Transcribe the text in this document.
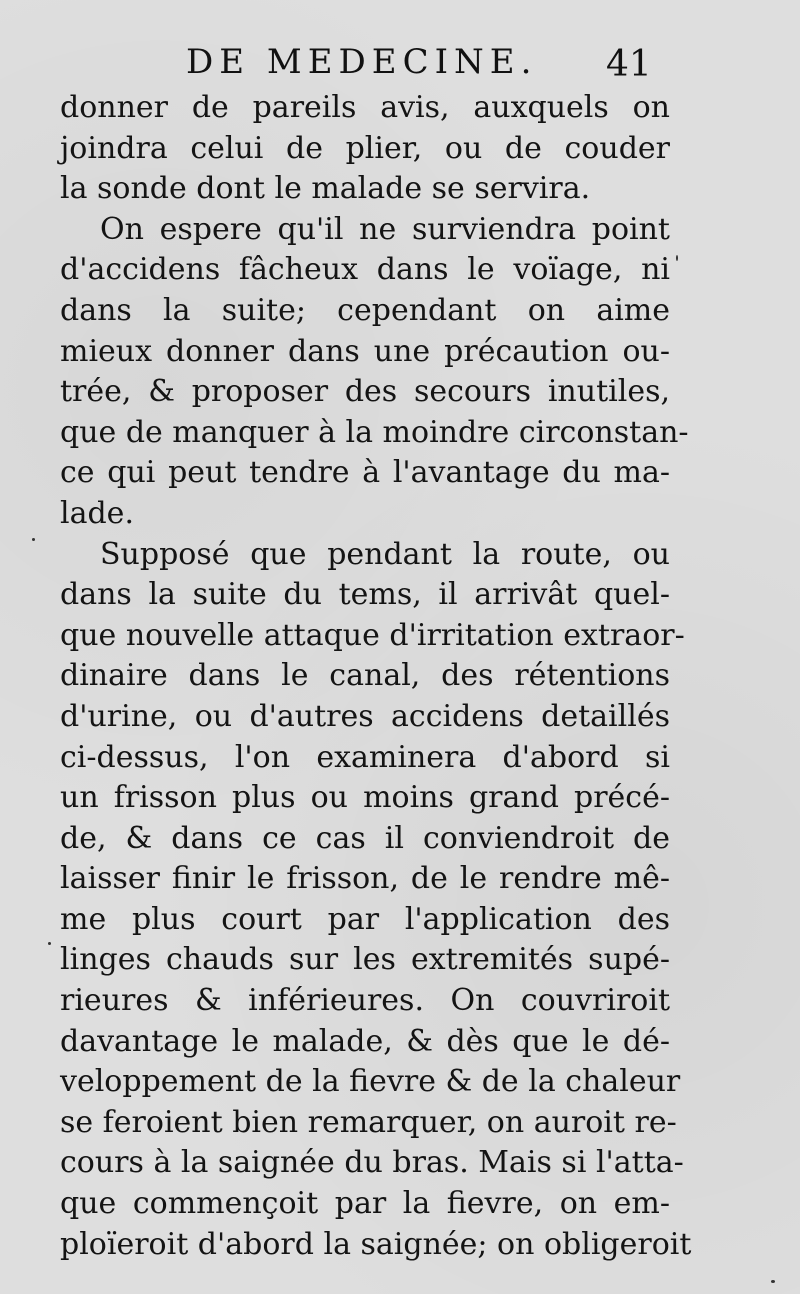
DE MEDECINE. 41
donner de pareils avis, auxquels on
joindra celui de plier, ou de couder
la sonde dont le malade se servira.
On espere qu'il ne surviendra point
d'accidens fâcheux dans le voïage, ni
dans la suite; cependant on aime
mieux donner dans une précaution ou-
trée, & proposer des secours inutiles,
que de manquer à la moindre circonstan-
ce qui peut tendre à l'avantage du ma-
lade.
Supposé que pendant la route, ou
dans la suite du tems, il arrivât quel-
que nouvelle attaque d'irritation extraor-
dinaire dans le canal, des rétentions
d'urine, ou d'autres accidens detaillés
ci-dessus, l'on examinera d'abord si
un frisson plus ou moins grand précé-
de, & dans ce cas il conviendroit de
laisser finir le frisson, de le rendre mê-
me plus court par l'application des
linges chauds sur les extremités supé-
rieures & inférieures. On couvriroit
davantage le malade, & dès que le dé-
veloppement de la fievre & de la chaleur
se feroient bien remarquer, on auroit re-
cours à la saignée du bras. Mais si l'atta-
que commençoit par la fievre, on em-
ploïeroit d'abord la saignée; on obligeroit
